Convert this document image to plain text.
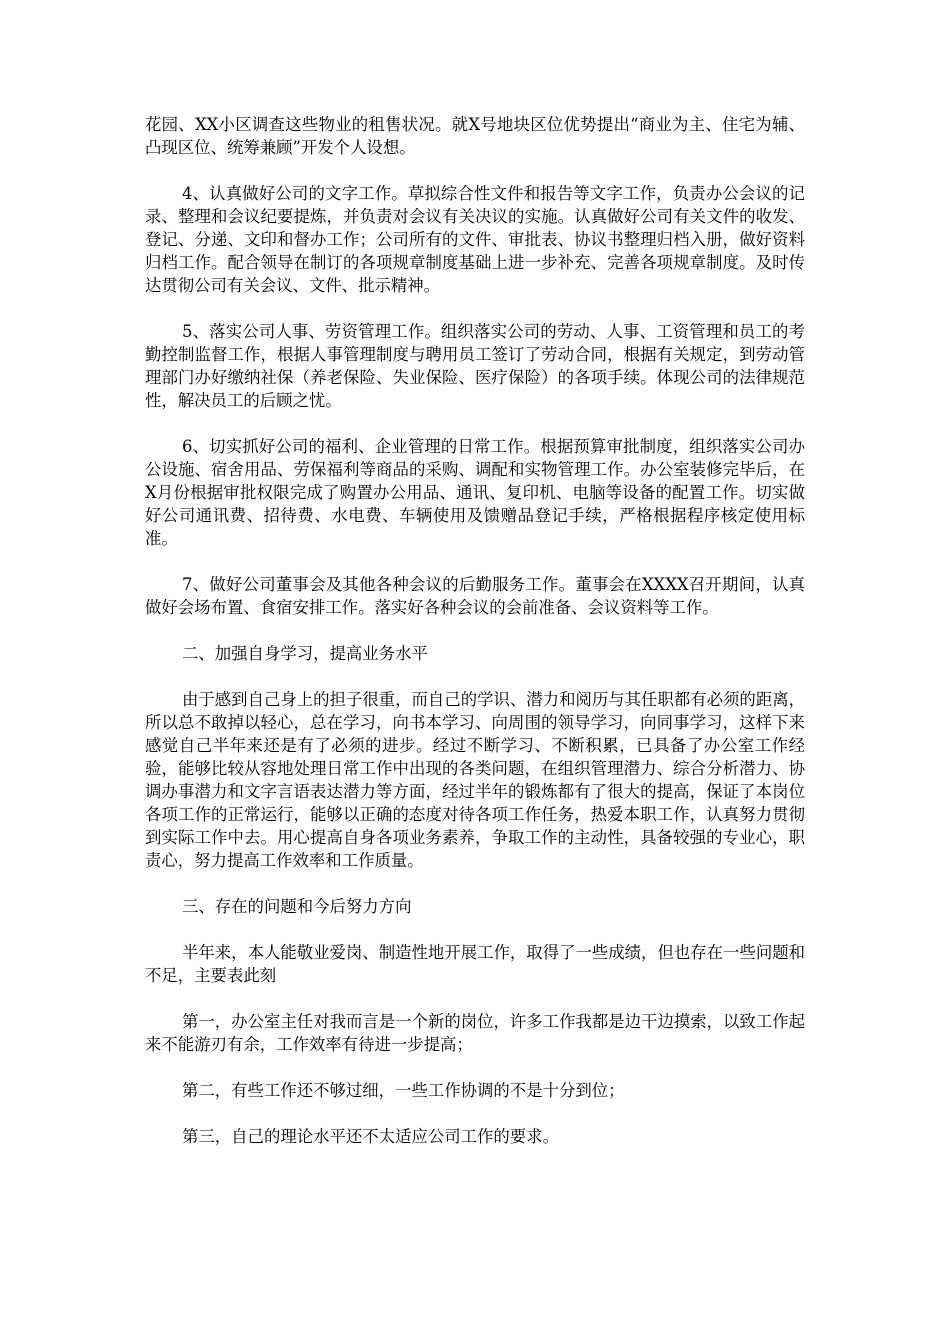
花园、XX小区调查这些物业的租售状况。就X号地块区位优势提出“商业为主、住宅为辅、凸现区位、统筹兼顾”开发个人设想。

4、认真做好公司的文字工作。草拟综合性文件和报告等文字工作，负责办公会议的记录、整理和会议纪要提炼，并负责对会议有关决议的实施。认真做好公司有关文件的收发、登记、分递、文印和督办工作；公司所有的文件、审批表、协议书整理归档入册，做好资料归档工作。配合领导在制订的各项规章制度基础上进一步补充、完善各项规章制度。及时传达贯彻公司有关会议、文件、批示精神。

5、落实公司人事、劳资管理工作。组织落实公司的劳动、人事、工资管理和员工的考勤控制监督工作，根据人事管理制度与聘用员工签订了劳动合同，根据有关规定，到劳动管理部门办好缴纳社保（养老保险、失业保险、医疗保险）的各项手续。体现公司的法律规范性，解决员工的后顾之忧。

6、切实抓好公司的福利、企业管理的日常工作。根据预算审批制度，组织落实公司办公设施、宿舍用品、劳保福利等商品的采购、调配和实物管理工作。办公室装修完毕后，在X月份根据审批权限完成了购置办公用品、通讯、复印机、电脑等设备的配置工作。切实做好公司通讯费、招待费、水电费、车辆使用及馈赠品登记手续，严格根据程序核定使用标准。

7、做好公司董事会及其他各种会议的后勤服务工作。董事会在XXXX召开期间，认真做好会场布置、食宿安排工作。落实好各种会议的会前准备、会议资料等工作。

二、加强自身学习，提高业务水平

由于感到自己身上的担子很重，而自己的学识、潜力和阅历与其任职都有必须的距离，所以总不敢掉以轻心，总在学习，向书本学习、向周围的领导学习，向同事学习，这样下来感觉自己半年来还是有了必须的进步。经过不断学习、不断积累，已具备了办公室工作经验，能够比较从容地处理日常工作中出现的各类问题，在组织管理潜力、综合分析潜力、协调办事潜力和文字言语表达潜力等方面，经过半年的锻炼都有了很大的提高，保证了本岗位各项工作的正常运行，能够以正确的态度对待各项工作任务，热爱本职工作，认真努力贯彻到实际工作中去。用心提高自身各项业务素养，争取工作的主动性，具备较强的专业心，职责心，努力提高工作效率和工作质量。

三、存在的问题和今后努力方向

半年来，本人能敬业爱岗、制造性地开展工作，取得了一些成绩，但也存在一些问题和不足，主要表此刻

第一，办公室主任对我而言是一个新的岗位，许多工作我都是边干边摸索，以致工作起来不能游刃有余，工作效率有待进一步提高；

第二，有些工作还不够过细，一些工作协调的不是十分到位；

第三，自己的理论水平还不太适应公司工作的要求。
